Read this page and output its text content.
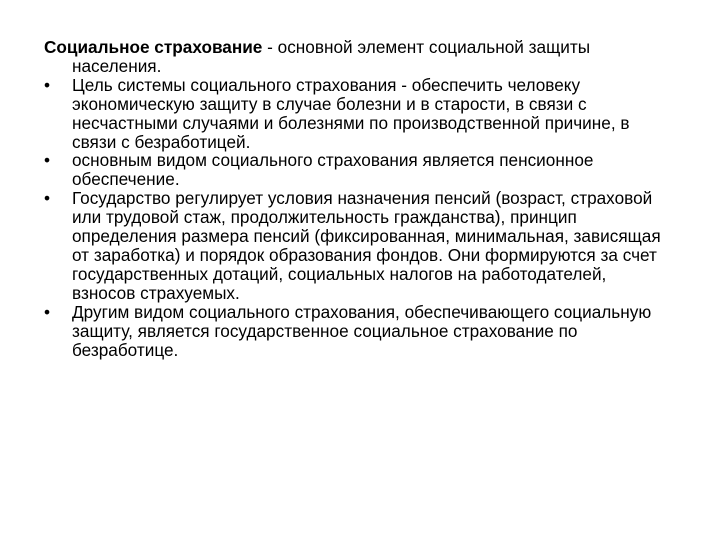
Социальное страхование - основной элемент социальной защиты населения.
• Цель системы социального страхования - обеспечить человеку экономическую защиту в случае болезни и в старости, в связи с несчастными случаями и болезнями по производственной причине, в связи с безработицей.
• основным видом социального страхования является пенсионное обеспечение.
• Государство регулирует условия назначения пенсий (возраст, страховой или трудовой стаж, продолжительность гражданства), принцип определения размера пенсий (фиксированная, минимальная, зависящая от заработка) и порядок образования фондов. Они формируются за счет государственных дотаций, социальных налогов на работодателей, взносов страхуемых.
• Другим видом социального страхования, обеспечивающего социальную защиту, является государственное социальное страхование по безработице.
